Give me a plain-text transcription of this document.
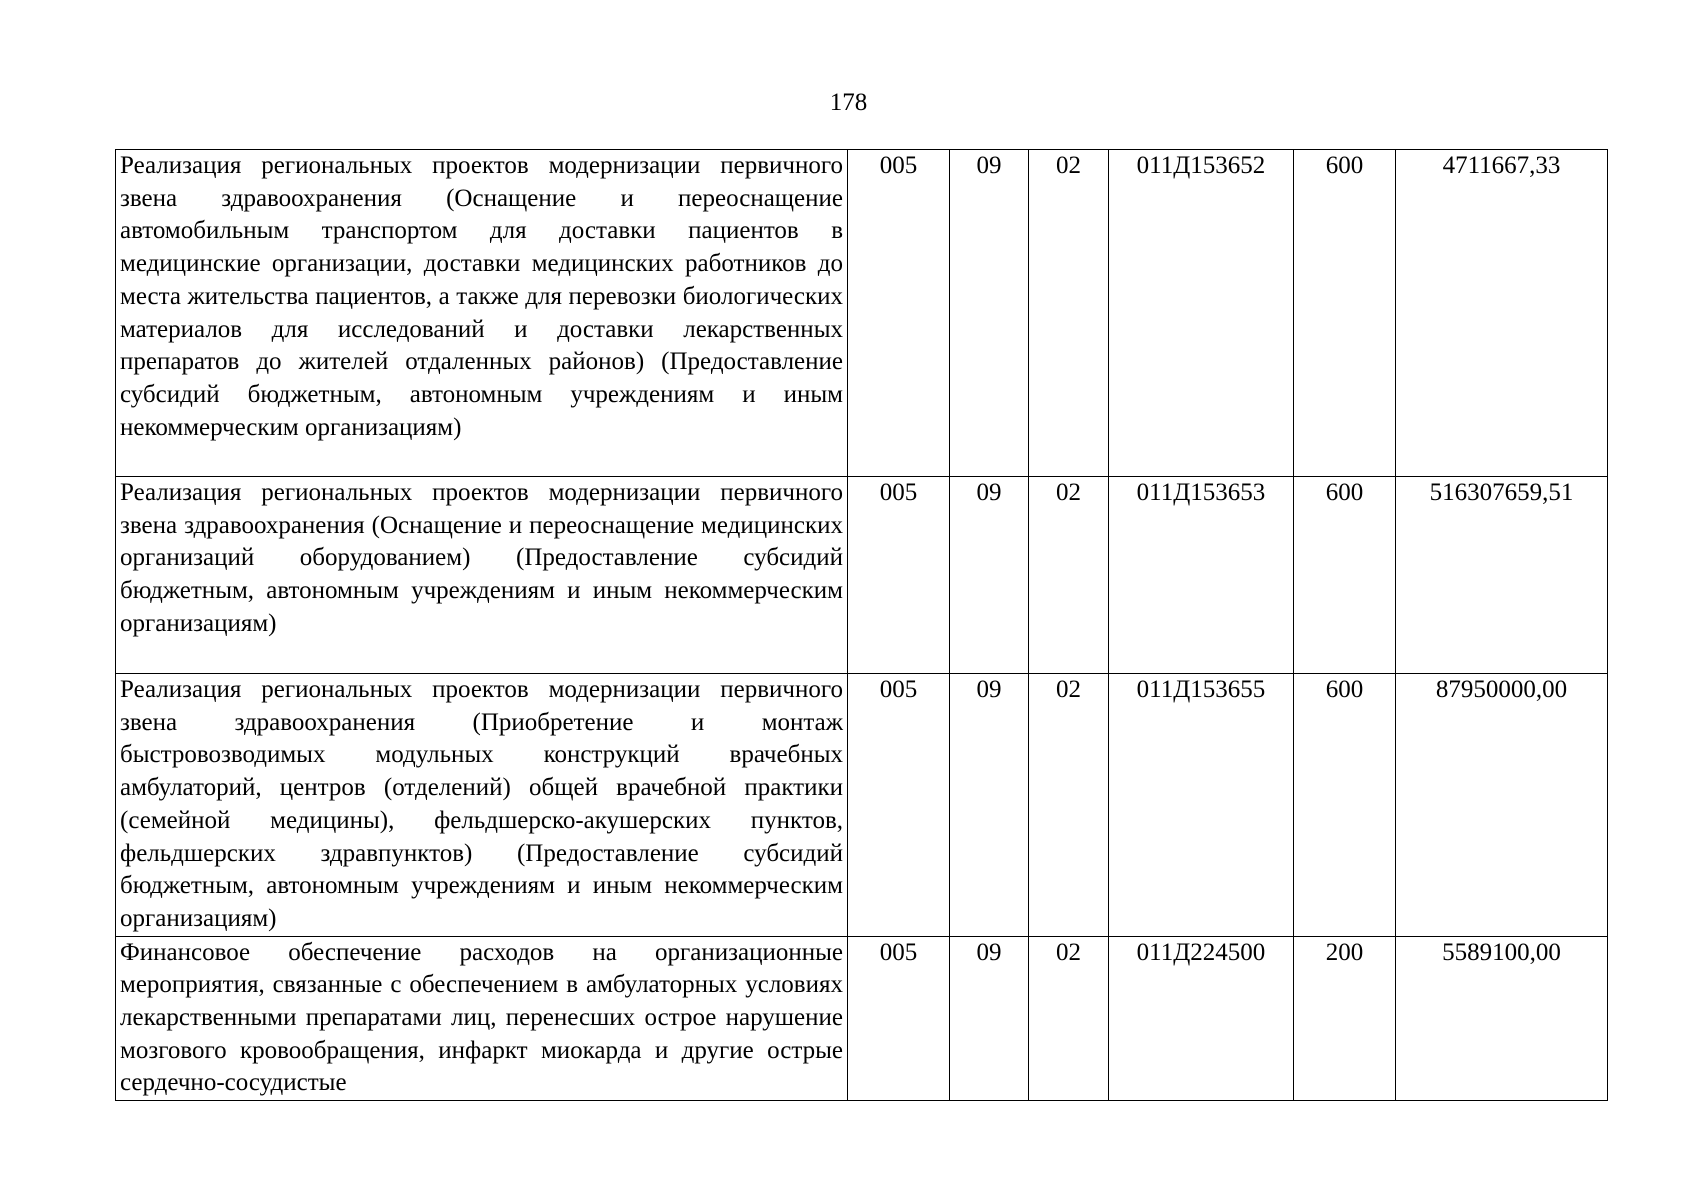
178
Реализация региональных проектов модернизации первичного звена здравоохранения (Оснащение и переоснащение автомобильным транспортом для доставки пациентов в медицинские организации, доставки медицинских работников до места жительства пациентов, а также для перевозки биологических материалов для исследований и доставки лекарственных препаратов до жителей отдаленных районов) (Предоставление субсидий бюджетным, автономным учреждениям и иным некоммерческим организациям)	005	09	02	011Д153652	600	4711667,33
Реализация региональных проектов модернизации первичного звена здравоохранения (Оснащение и переоснащение медицинских организаций оборудованием) (Предоставление субсидий бюджетным, автономным учреждениям и иным некоммерческим организациям)	005	09	02	011Д153653	600	516307659,51
Реализация региональных проектов модернизации первичного звена здравоохранения (Приобретение и монтаж быстровозводимых модульных конструкций врачебных амбулаторий, центров (отделений) общей врачебной практики (семейной медицины), фельдшерско-акушерских пунктов, фельдшерских здравпунктов) (Предоставление субсидий бюджетным, автономным учреждениям и иным некоммерческим организациям)	005	09	02	011Д153655	600	87950000,00
Финансовое обеспечение расходов на организационные мероприятия, связанные с обеспечением в амбулаторных условиях лекарственными препаратами лиц, перенесших острое нарушение мозгового кровообращения, инфаркт миокарда и другие острые сердечно-сосудистые	005	09	02	011Д224500	200	5589100,00
